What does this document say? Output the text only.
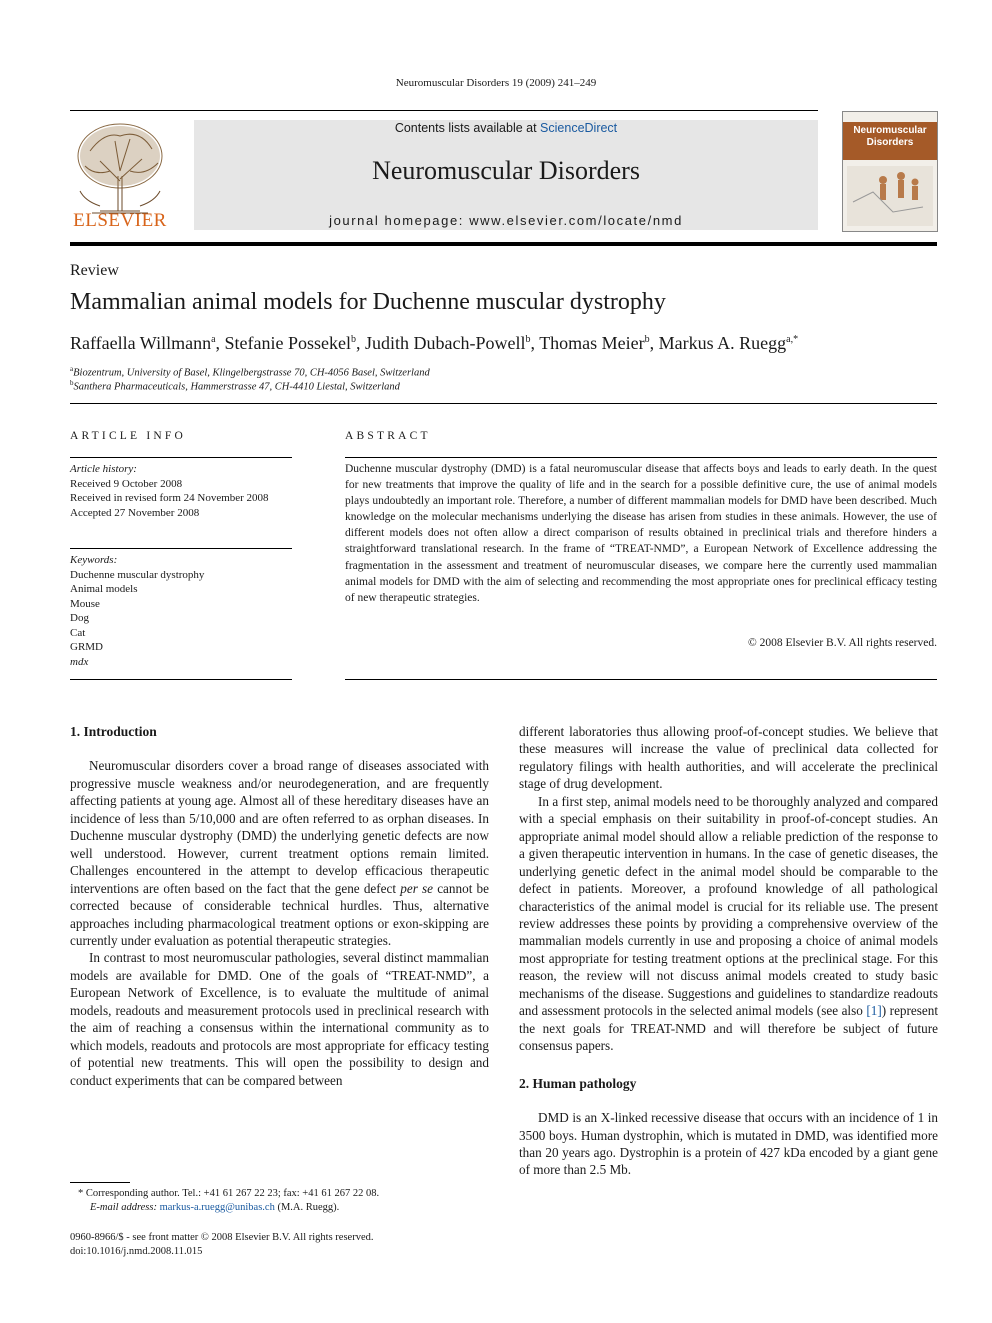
Neuromuscular Disorders 19 (2009) 241–249
ELSEVIER
Contents lists available at ScienceDirect
Neuromuscular Disorders
journal homepage: www.elsevier.com/locate/nmd
Neuromuscular
Disorders
Review
Mammalian animal models for Duchenne muscular dystrophy
Raffaella Willmann$^a$, Stefanie Possekel$^b$, Judith Dubach-Powell$^b$, Thomas Meier$^b$, Markus A. Ruegg$^{a,*}$
$^a$Biozentrum, University of Basel, Klingelbergstrasse 70, CH-4056 Basel, Switzerland
$^b$Santhera Pharmaceuticals, Hammerstrasse 47, CH-4410 Liestal, Switzerland
ARTICLE INFO
Article history:
Received 9 October 2008
Received in revised form 24 November 2008
Accepted 27 November 2008
Keywords:
Duchenne muscular dystrophy
Animal models
Mouse
Dog
Cat
GRMD
mdx
ABSTRACT
Duchenne muscular dystrophy (DMD) is a fatal neuromuscular disease that affects boys and leads to early death. In the quest for new treatments that improve the quality of life and in the search for a possible definitive cure, the use of animal models plays undoubtedly an important role. Therefore, a number of different mammalian models for DMD have been described. Much knowledge on the molecular mechanisms underlying the disease has arisen from studies in these animals. However, the use of different models does not often allow a direct comparison of results obtained in preclinical trials and therefore hinders a straightforward translational research. In the frame of “TREAT-NMD”, a European Network of Excellence addressing the fragmentation in the assessment and treatment of neuromuscular diseases, we compare here the currently used mammalian animal models for DMD with the aim of selecting and recommending the most appropriate ones for preclinical efficacy testing of new therapeutic strategies.
© 2008 Elsevier B.V. All rights reserved.
1. Introduction

Neuromuscular disorders cover a broad range of diseases associated with progressive muscle weakness and/or neurodegeneration, and are frequently affecting patients at young age. Almost all of these hereditary diseases have an incidence of less than 5/10,000 and are often referred to as orphan diseases. In Duchenne muscular dystrophy (DMD) the underlying genetic defects are now well understood. However, current treatment options remain limited. Challenges encountered in the attempt to develop efficacious therapeutic interventions are often based on the fact that the gene defect per se cannot be corrected because of considerable technical hurdles. Thus, alternative approaches including pharmacological treatment options or exon-skipping are currently under evaluation as potential therapeutic strategies.

In contrast to most neuromuscular pathologies, several distinct mammalian models are available for DMD. One of the goals of “TREAT-NMD”, a European Network of Excellence, is to evaluate the multitude of animal models, readouts and measurement protocols used in preclinical research with the aim of reaching a consensus within the international community as to which models, readouts and protocols are most appropriate for efficacy testing of potential new treatments. This will open the possibility to design and conduct experiments that can be compared between

different laboratories thus allowing proof-of-concept studies. We believe that these measures will increase the value of preclinical data collected for regulatory filings with health authorities, and will accelerate the preclinical stage of drug development.

In a first step, animal models need to be thoroughly analyzed and compared with a special emphasis on their suitability in proof-of-concept studies. An appropriate animal model should allow a reliable prediction of the response to a given therapeutic intervention in humans. In the case of genetic diseases, the underlying genetic defect in the animal model should be comparable to the defect in patients. Moreover, a profound knowledge of all pathological characteristics of the animal model is crucial for its reliable use. The present review addresses these points by providing a comprehensive overview of the mammalian models currently in use and proposing a choice of animal models most appropriate for testing treatment options at the preclinical stage. For this reason, the review will not discuss animal models created to study basic mechanisms of the disease. Suggestions and guidelines to standardize readouts and assessment protocols in the selected animal models (see also [1]) represent the next goals for TREAT-NMD and will therefore be subject of future consensus papers.

2. Human pathology

DMD is an X-linked recessive disease that occurs with an incidence of 1 in 3500 boys. Human dystrophin, which is mutated in DMD, was identified more than 20 years ago. Dystrophin is a protein of 427 kDa encoded by a giant gene of more than 2.5 Mb.

* Corresponding author. Tel.: +41 61 267 22 23; fax: +41 61 267 22 08.
E-mail address: markus-a.ruegg@unibas.ch (M.A. Ruegg).
0960-8966/$ - see front matter © 2008 Elsevier B.V. All rights reserved.
doi:10.1016/j.nmd.2008.11.015
